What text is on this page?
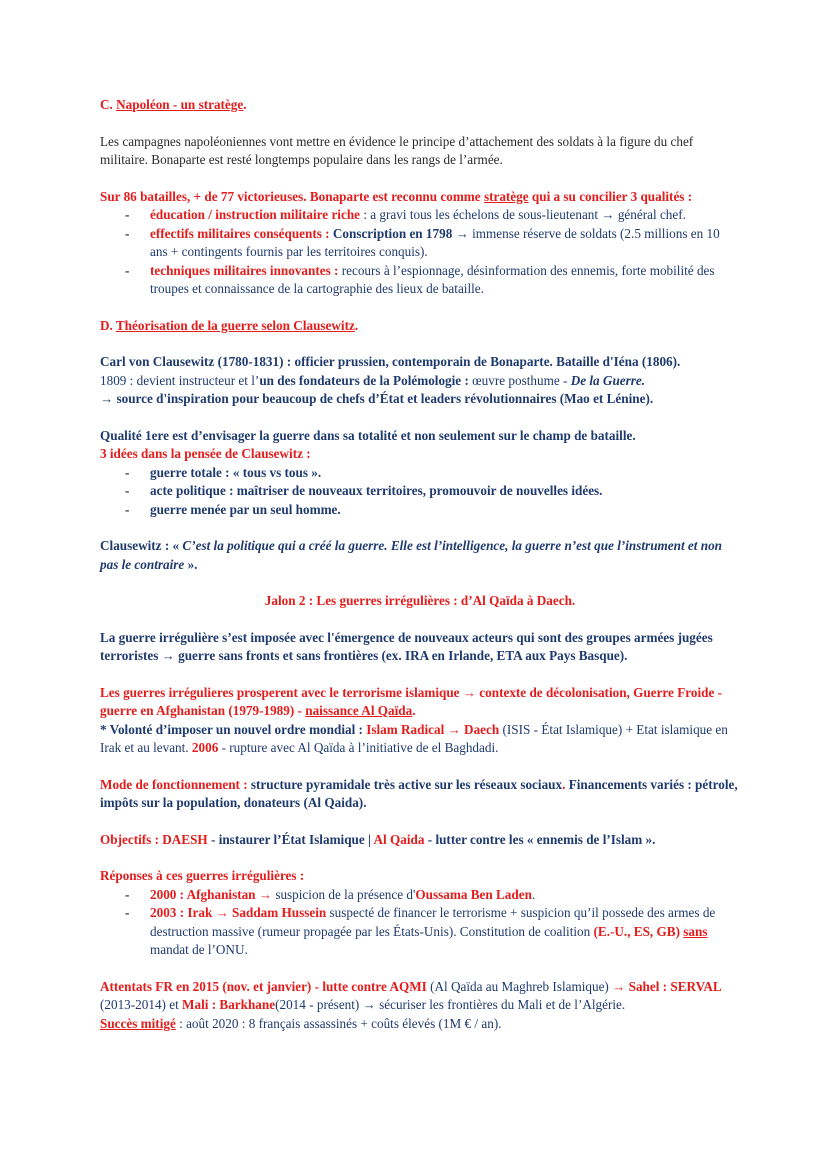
C. Napoléon - un stratège.

Les campagnes napoléoniennes vont mettre en évidence le principe d’attachement des soldats à la figure du chef militaire. Bonaparte est resté longtemps populaire dans les rangs de l’armée.

Sur 86 batailles, + de 77 victorieuses. Bonaparte est reconnu comme stratège qui a su concilier 3 qualités :

- éducation / instruction militaire riche : a gravi tous les échelons de sous-lieutenant → général chef.
- effectifs militaires conséquents : Conscription en 1798 → immense réserve de soldats (2.5 millions en 10 ans + contingents fournis par les territoires conquis).
- techniques militaires innovantes : recours à l’espionnage, désinformation des ennemis, forte mobilité des troupes et connaissance de la cartographie des lieux de bataille.

D. Théorisation de la guerre selon Clausewitz.

Carl von Clausewitz (1780-1831) : officier prussien, contemporain de Bonaparte. Bataille d'Iéna (1806).

1809 : devient instructeur et l’un des fondateurs de la Polémologie : œuvre posthume - De la Guerre.

→ source d'inspiration pour beaucoup de chefs d’État et leaders révolutionnaires (Mao et Lénine).

Qualité 1ere est d’envisager la guerre dans sa totalité et non seulement sur le champ de bataille.

3 idées dans la pensée de Clausewitz :

- guerre totale : « tous vs tous ».
- acte politique : maîtriser de nouveaux territoires, promouvoir de nouvelles idées.
- guerre menée par un seul homme.

Clausewitz : « C’est la politique qui a créé la guerre. Elle est l’intelligence, la guerre n’est que l’instrument et non pas le contraire ».

Jalon 2 : Les guerres irrégulières : d’Al Qaïda à Daech.

La guerre irrégulière s’est imposée avec l'émergence de nouveaux acteurs qui sont des groupes armées jugées terroristes → guerre sans fronts et sans frontières (ex. IRA en Irlande, ETA aux Pays Basque).

Les guerres irrégulieres prosperent avec le terrorisme islamique → contexte de décolonisation, Guerre Froide - guerre en Afghanistan (1979-1989) - naissance Al Qaïda.

* Volonté d’imposer un nouvel ordre mondial : Islam Radical → Daech (ISIS - État Islamique) + Etat islamique en Irak et au levant. 2006 - rupture avec Al Qaïda à l’initiative de el Baghdadi.

Mode de fonctionnement : structure pyramidale très active sur les réseaux sociaux. Financements variés : pétrole, impôts sur la population, donateurs (Al Qaida).

Objectifs : DAESH - instaurer l’État Islamique | Al Qaida - lutter contre les « ennemis de l’Islam ».

Réponses à ces guerres irrégulières :

- 2000 : Afghanistan → suspicion de la présence d'Oussama Ben Laden.
- 2003 : Irak → Saddam Hussein suspecté de financer le terrorisme + suspicion qu’il possede des armes de destruction massive (rumeur propagée par les États-Unis). Constitution de coalition (E.-U., ES, GB) sans mandat de l’ONU.

Attentats FR en 2015 (nov. et janvier) - lutte contre AQMI (Al Qaïda au Maghreb Islamique) → Sahel : SERVAL (2013-2014) et Mali : Barkhane(2014 - présent) → sécuriser les frontières du Mali et de l’Algérie.

Succès mitigé : août 2020 : 8 français assassinés + coûts élevés (1M € / an).
